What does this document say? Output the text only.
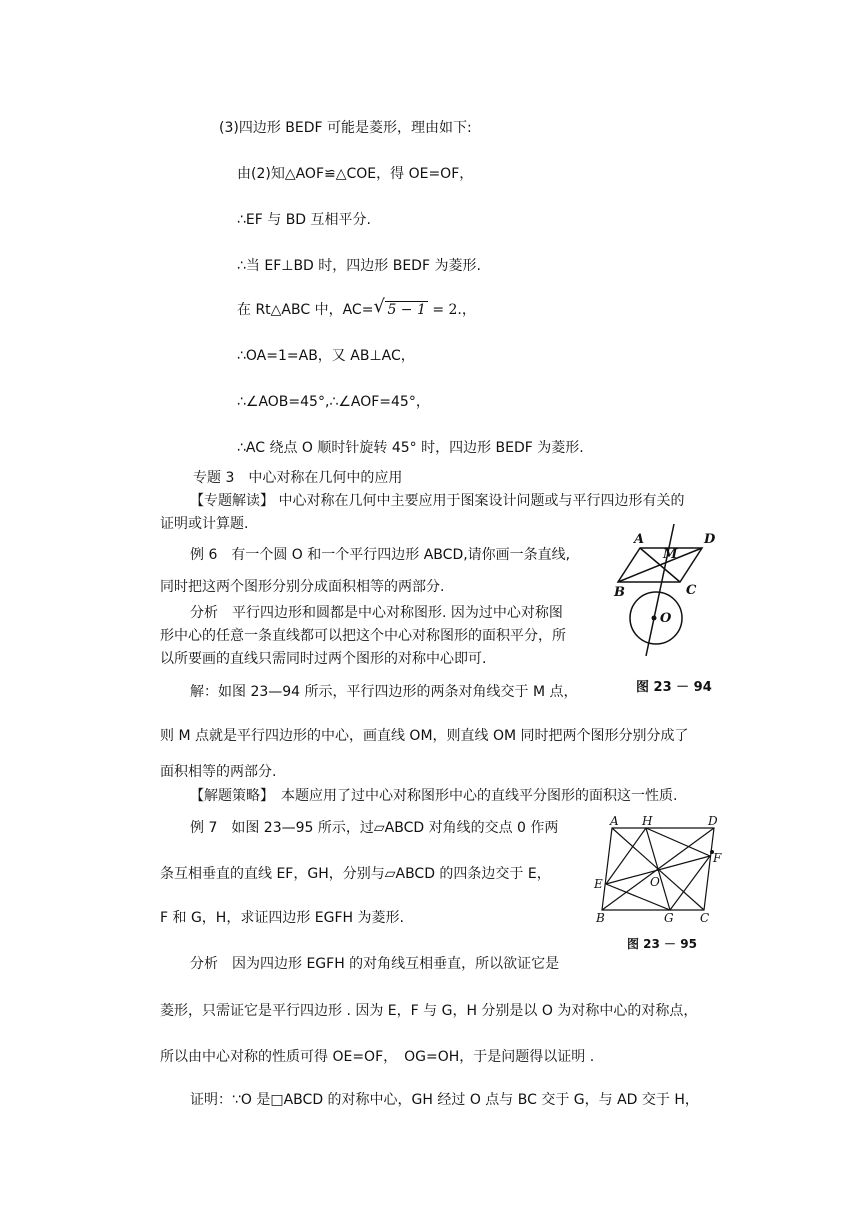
(3)四边形 BEDF 可能是菱形，理由如下:
由(2)知△AOF≌△COE，得 OE=OF，
∴EF 与 BD 互相平分.
∴当 EF⊥BD 时，四边形 BEDF 为菱形.
在 Rt△ABC 中，AC= √ 5 − 1 = 2.，
∴OA=1=AB，又 AB⊥AC，
∴∠AOB=45°,∴∠AOF=45°，
∴AC 绕点 O 顺时针旋转 45° 时，四边形 BEDF 为菱形.
专题 3　中心对称在几何中的应用
【专题解读】 中心对称在几何中主要应用于图案设计问题或与平行四边形有关的
证明或计算题.
例 6　有一个圆 O 和一个平行四边形 ABCD,请你画一条直线,
同时把这两个图形分别分成面积相等的两部分.
分析　平行四边形和圆都是中心对称图形. 因为过中心对称图
形中心的任意一条直线都可以把这个中心对称图形的面积平分，所
以所要画的直线只需同时过两个图形的对称中心即可.
解：如图 23—94 所示，平行四边形的两条对角线交于 M 点，
则 M 点就是平行四边形的中心，画直线 OM，则直线 OM 同时把两个图形分别分成了
面积相等的两部分.
【解题策略】　本题应用了过中心对称图形中心的直线平分图形的面积这一性质.
例 7　如图 23—95 所示，过▱ABCD 对角线的交点 0 作两
条互相垂直的直线 EF，GH，分别与▱ABCD 的四条边交于 E，
F 和 G，H，求证四边形 EGFH 为菱形.
分析　因为四边形 EGFH 的对角线互相垂直，所以欲证它是
菱形，只需证它是平行四边形 . 因为 E，F 与 G，H 分别是以 O 为对称中心的对称点，
所以由中心对称的性质可得 OE=OF，　OG=OH，于是问题得以证明 .
证明：∵O 是□ABCD 的对称中心，GH 经过 O 点与 BC 交于 G，与 AD 交于 H，
A	D
M
B	C
O
图 23 － 94
A H	D
E
F
O
B	G C
图 23 － 95
